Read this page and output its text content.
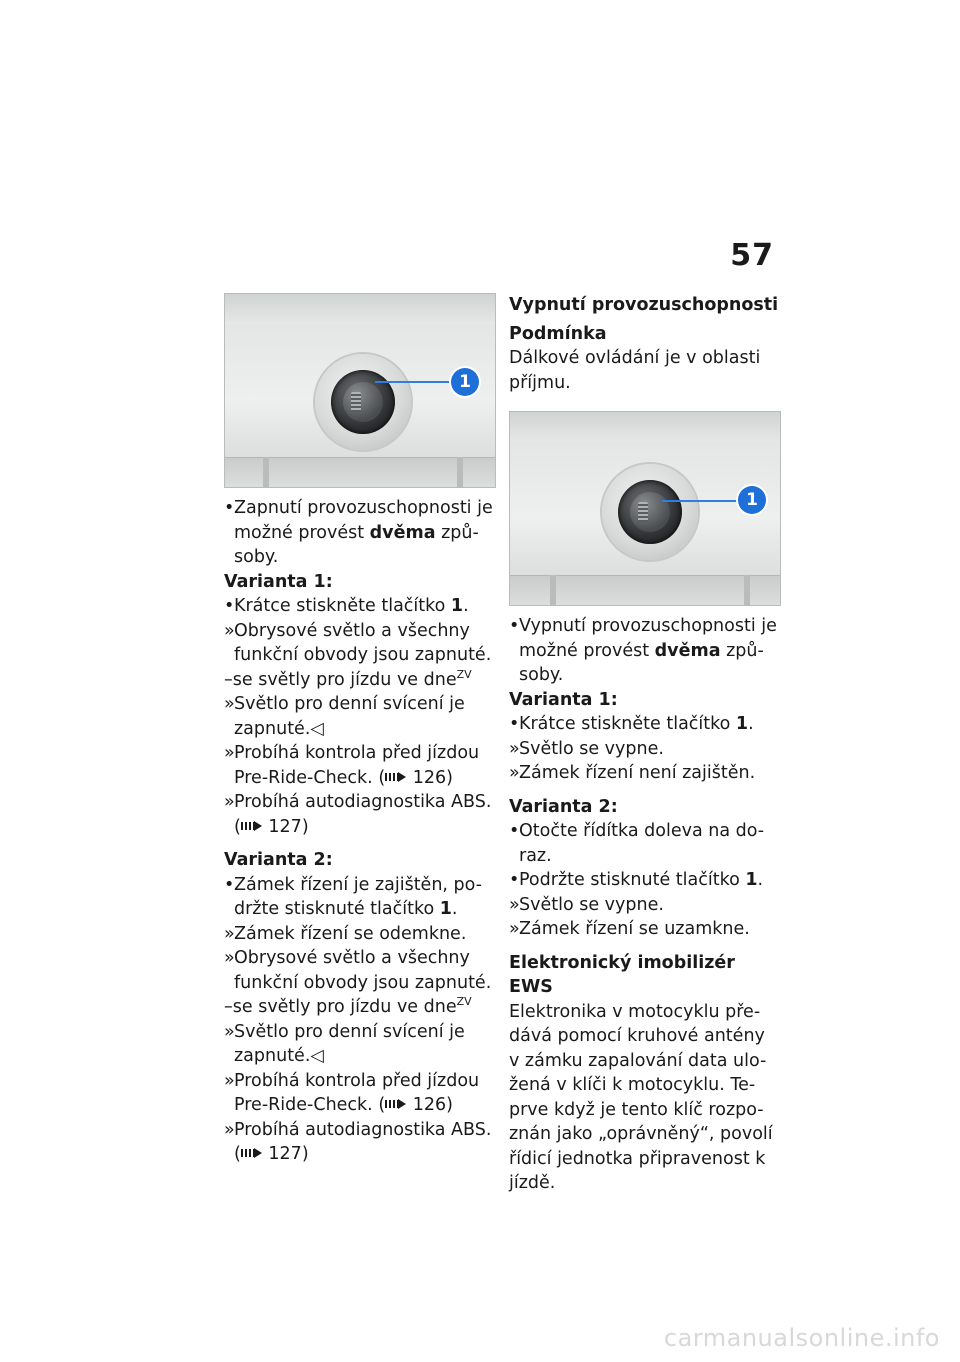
57
1

• Zapnutí provozuschopnosti je možné provést dvěma způ-soby.

Varianta 1:

• Krátce stiskněte tlačítko 1.

» Obrysové světlo a všechny funkční obvody jsou zapnuté.

–se světly pro jízdu ve dne$^{ZV}$

» Světlo pro denní svícení je zapnuté.◁

» Probíhá kontrola před jízdou Pre-Ride-Check. ( 126)

» Probíhá autodiagnostika ABS. ( 127)

Varianta 2:

• Zámek řízení je zajištěn, po-držte stisknuté tlačítko 1.

» Zámek řízení se odemkne.

» Obrysové světlo a všechny funkční obvody jsou zapnuté.

–se světly pro jízdu ve dne$^{ZV}$

» Světlo pro denní svícení je zapnuté.◁

» Probíhá kontrola před jízdou Pre-Ride-Check. ( 126)

» Probíhá autodiagnostika ABS. ( 127)

Vypnutí provozuschopnosti

Podmínka

Dálkové ovládání je v oblasti příjmu.

1

• Vypnutí provozuschopnosti je možné provést dvěma způ-soby.

Varianta 1:

• Krátce stiskněte tlačítko 1.

» Světlo se vypne.

» Zámek řízení není zajištěn.

Varianta 2:

• Otočte řídítka doleva na do-raz.

• Podržte stisknuté tlačítko 1.

» Světlo se vypne.

» Zámek řízení se uzamkne.

Elektronický imobilizér EWS

Elektronika v motocyklu pře-dává pomocí kruhové antény v zámku zapalování data ulo-žená v klíči k motocyklu. Te-prve když je tento klíč rozpo-znán jako „oprávněný“, povolí řídicí jednotka připravenost k jízdě.

carmanualsonline.info
